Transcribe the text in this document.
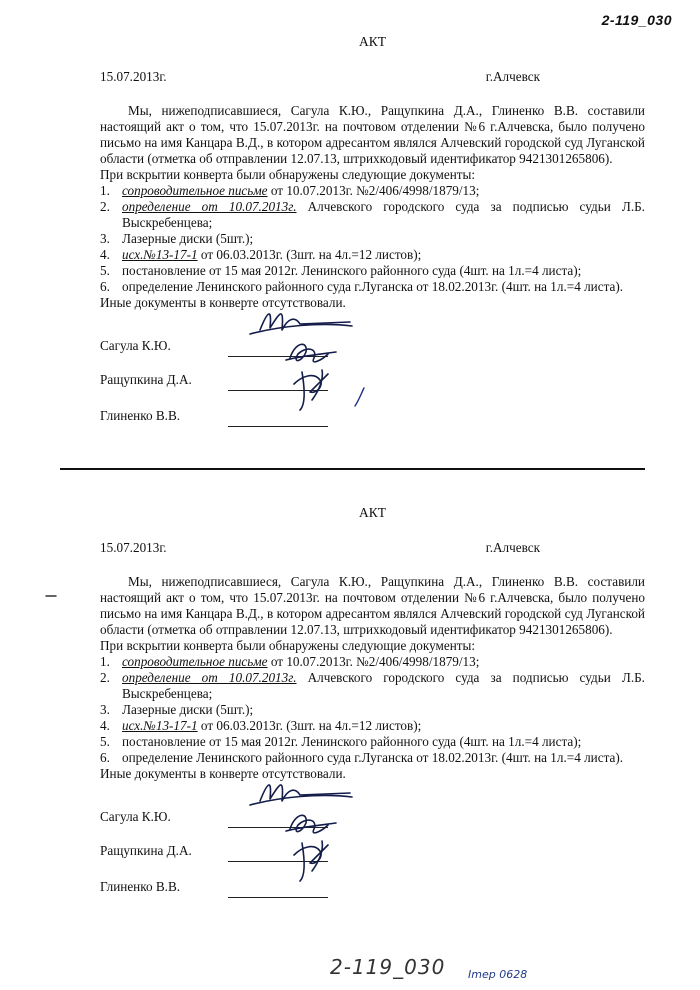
2-119_030

АКТ

15.07.2013г.	г.Алчевск

Мы, нижеподписавшиеся, Сагула К.Ю., Ращупкина Д.А., Глиненко В.В. составили настоящий акт о том, что 15.07.2013г. на почтовом отделении №6 г.Алчевска, было получено письмо на имя Канцара В.Д., в котором адресантом являлся Алчевский городской суд Луганской области (отметка об отправлении 12.07.13, штрихкодовый идентификатор 9421301265806).

При вскрытии конверта были обнаружены следующие документы:

1. сопроводительное письме от 10.07.2013г. №2/406/4998/1879/13;
2. определение от 10.07.2013г. Алчевского городского суда за подписью судьи Л.Б. Выскребенцева;
3. Лазерные диски (5шт.);
4. исх.№13-17-1 от 06.03.2013г. (3шт. на 4л.=12 листов);
5. постановление от 15 мая 2012г. Ленинского районного суда (4шт. на 1л.=4 листа);
6. определение Ленинского районного суда г.Луганска от 18.02.2013г. (4шт. на 1л.=4 листа).

Иные документы в конверте отсутствовали.

Сагула К.Ю.
Ращупкина Д.А.
Глиненко В.В.

АКТ

15.07.2013г.	г.Алчевск

Мы, нижеподписавшиеся, Сагула К.Ю., Ращупкина Д.А., Глиненко В.В. составили настоящий акт о том, что 15.07.2013г. на почтовом отделении №6 г.Алчевска, было получено письмо на имя Канцара В.Д., в котором адресантом являлся Алчевский городской суд Луганской области (отметка об отправлении 12.07.13, штрихкодовый идентификатор 9421301265806).

При вскрытии конверта были обнаружены следующие документы:

1. сопроводительное письме от 10.07.2013г. №2/406/4998/1879/13;
2. определение от 10.07.2013г. Алчевского городского суда за подписью судьи Л.Б. Выскребенцева;
3. Лазерные диски (5шт.);
4. исх.№13-17-1 от 06.03.2013г. (3шт. на 4л.=12 листов);
5. постановление от 15 мая 2012г. Ленинского районного суда (4шт. на 1л.=4 листа);
6. определение Ленинского районного суда г.Луганска от 18.02.2013г. (4шт. на 1л.=4 листа).

Иные документы в конверте отсутствовали.

Сагула К.Ю.
Ращупкина Д.А.
Глиненко В.В.
2-119_030 Imep 0628
